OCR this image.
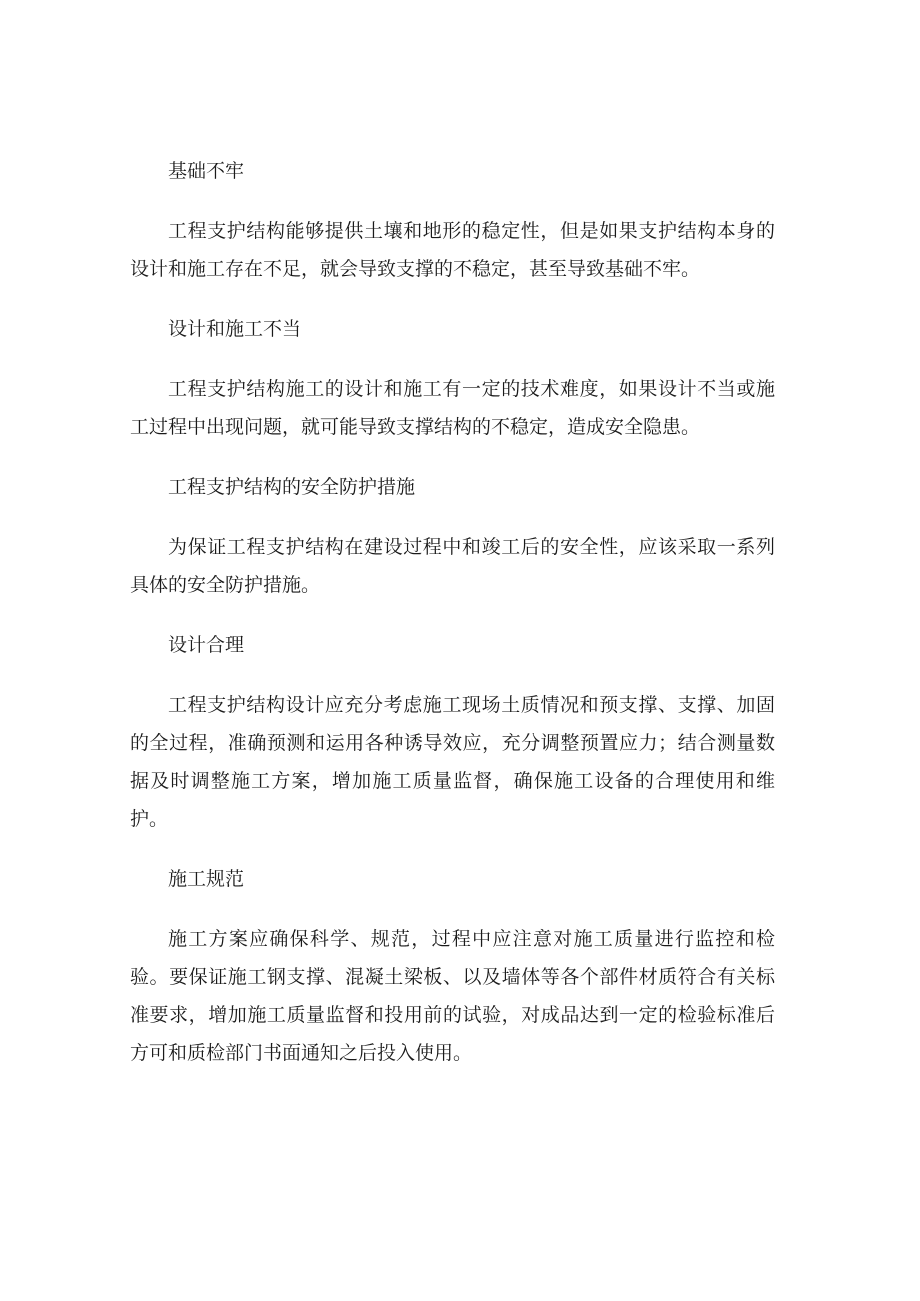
基础不牢

工程支护结构能够提供土壤和地形的稳定性，但是如果支护结构本身的设计和施工存在不足，就会导致支撑的不稳定，甚至导致基础不牢。

设计和施工不当

工程支护结构施工的设计和施工有一定的技术难度，如果设计不当或施工过程中出现问题，就可能导致支撑结构的不稳定，造成安全隐患。

工程支护结构的安全防护措施

为保证工程支护结构在建设过程中和竣工后的安全性，应该采取一系列具体的安全防护措施。

设计合理

工程支护结构设计应充分考虑施工现场土质情况和预支撑、支撑、加固的全过程，准确预测和运用各种诱导效应，充分调整预置应力；结合测量数据及时调整施工方案，增加施工质量监督，确保施工设备的合理使用和维护。

施工规范

施工方案应确保科学、规范，过程中应注意对施工质量进行监控和检验。要保证施工钢支撑、混凝土梁板、以及墙体等各个部件材质符合有关标准要求，增加施工质量监督和投用前的试验，对成品达到一定的检验标准后方可和质检部门书面通知之后投入使用。
